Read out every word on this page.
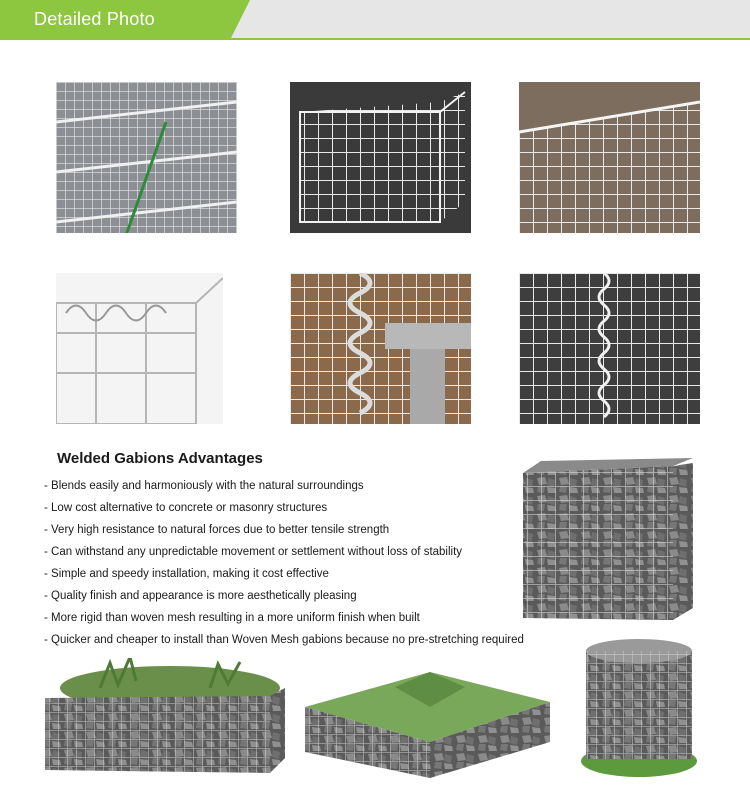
Detailed Photo
Welded Gabions Advantages
- Blends easily and harmoniously with the natural surroundings
- Low cost alternative to concrete or masonry structures
- Very high resistance to natural forces due to better tensile strength
- Can withstand any unpredictable movement or settlement without loss of stability
- Simple and speedy installation, making it cost effective
- Quality finish and appearance is more aesthetically pleasing
- More rigid than woven mesh resulting in a more uniform finish when built
- Quicker and cheaper to install than Woven Mesh gabions because no pre-stretching required
